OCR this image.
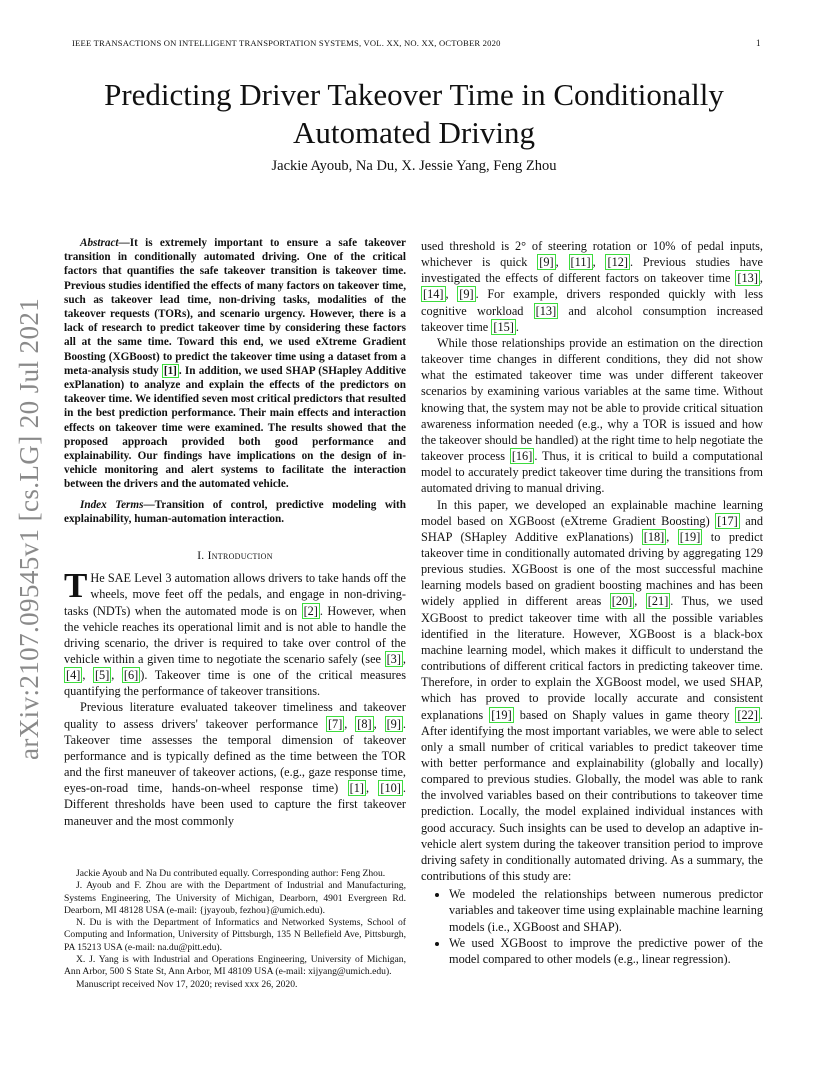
IEEE TRANSACTIONS ON INTELLIGENT TRANSPORTATION SYSTEMS, VOL. XX, NO. XX, OCTOBER 2020	1
arXiv:2107.09545v1 [cs.LG] 20 Jul 2021
Predicting Driver Takeover Time in Conditionally
Automated Driving
Jackie Ayoub, Na Du, X. Jessie Yang, Feng Zhou

Abstract—It is extremely important to ensure a safe takeover transition in conditionally automated driving. One of the critical factors that quantifies the safe takeover transition is takeover time. Previous studies identified the effects of many factors on takeover time, such as takeover lead time, non-driving tasks, modalities of the takeover requests (TORs), and scenario urgency. However, there is a lack of research to predict takeover time by considering these factors all at the same time. Toward this end, we used eXtreme Gradient Boosting (XGBoost) to predict the takeover time using a dataset from a meta-analysis study [1] . In addition, we used SHAP (SHapley Additive exPlanation) to analyze and explain the effects of the predictors on takeover time. We identified seven most critical predictors that resulted in the best prediction performance. Their main effects and interaction effects on takeover time were examined. The results showed that the proposed approach provided both good performance and explainability. Our findings have implications on the design of in-vehicle monitoring and alert systems to facilitate the interaction between the drivers and the automated vehicle.

Index Terms—Transition of control, predictive modeling with explainability, human-automation interaction.

I. Introduction

T He SAE Level 3 automation allows drivers to take hands off the wheels, move feet off the pedals, and engage in non-driving-tasks (NDTs) when the automated mode is on [2] . However, when the vehicle reaches its operational limit and is not able to handle the driving scenario, the driver is required to take over control of the vehicle within a given time to negotiate the scenario safely (see [3] , [4] , [5] , [6] ). Takeover time is one of the critical measures quantifying the performance of takeover transitions.

Previous literature evaluated takeover timeliness and takeover quality to assess drivers' takeover performance [7] , [8] , [9] . Takeover time assesses the temporal dimension of takeover performance and is typically defined as the time between the TOR and the first maneuver of takeover actions, (e.g., gaze response time, eyes-on-road time, hands-on-wheel response time) [1] , [10] . Different thresholds have been used to capture the first takeover maneuver and the most commonly

Jackie Ayoub and Na Du contributed equally. Corresponding author: Feng Zhou.

J. Ayoub and F. Zhou are with the Department of Industrial and Manufacturing, Systems Engineering, The University of Michigan, Dearborn, 4901 Evergreen Rd. Dearborn, MI 48128 USA (e-mail: {jyayoub, fezhou}@umich.edu).

N. Du is with the Department of Informatics and Networked Systems, School of Computing and Information, University of Pittsburgh, 135 N Bellefield Ave, Pittsburgh, PA 15213 USA (e-mail: na.du@pitt.edu).

X. J. Yang is with Industrial and Operations Engineering, University of Michigan, Ann Arbor, 500 S State St, Ann Arbor, MI 48109 USA (e-mail: xijyang@umich.edu).

Manuscript received Nov 17, 2020; revised xxx 26, 2020.

used threshold is 2° of steering rotation or 10% of pedal inputs, whichever is quick [9] , [11] , [12] . Previous studies have investigated the effects of different factors on takeover time [13] , [14] , [9] . For example, drivers responded quickly with less cognitive workload [13] and alcohol consumption increased takeover time [15] .

While those relationships provide an estimation on the direction takeover time changes in different conditions, they did not show what the estimated takeover time was under different takeover scenarios by examining various variables at the same time. Without knowing that, the system may not be able to provide critical situation awareness information needed (e.g., why a TOR is issued and how the takeover should be handled) at the right time to help negotiate the takeover process [16] . Thus, it is critical to build a computational model to accurately predict takeover time during the transitions from automated driving to manual driving.

In this paper, we developed an explainable machine learning model based on XGBoost (eXtreme Gradient Boosting) [17] and SHAP (SHapley Additive exPlanations) [18] , [19] to predict takeover time in conditionally automated driving by aggregating 129 previous studies. XGBoost is one of the most successful machine learning models based on gradient boosting machines and has been widely applied in different areas [20] , [21] . Thus, we used XGBoost to predict takeover time with all the possible variables identified in the literature. However, XGBoost is a black-box machine learning model, which makes it difficult to understand the contributions of different critical factors in predicting takeover time. Therefore, in order to explain the XGBoost model, we used SHAP, which has proved to provide locally accurate and consistent explanations [19] based on Shaply values in game theory [22] . After identifying the most important variables, we were able to select only a small number of critical variables to predict takeover time with better performance and explainability (globally and locally) compared to previous studies. Globally, the model was able to rank the involved variables based on their contributions to takeover time prediction. Locally, the model explained individual instances with good accuracy. Such insights can be used to develop an adaptive in-vehicle alert system during the takeover transition period to improve driving safety in conditionally automated driving. As a summary, the contributions of this study are:

• We modeled the relationships between numerous predictor variables and takeover time using explainable machine learning models (i.e., XGBoost and SHAP).
• We used XGBoost to improve the predictive power of the model compared to other models (e.g., linear regression).
